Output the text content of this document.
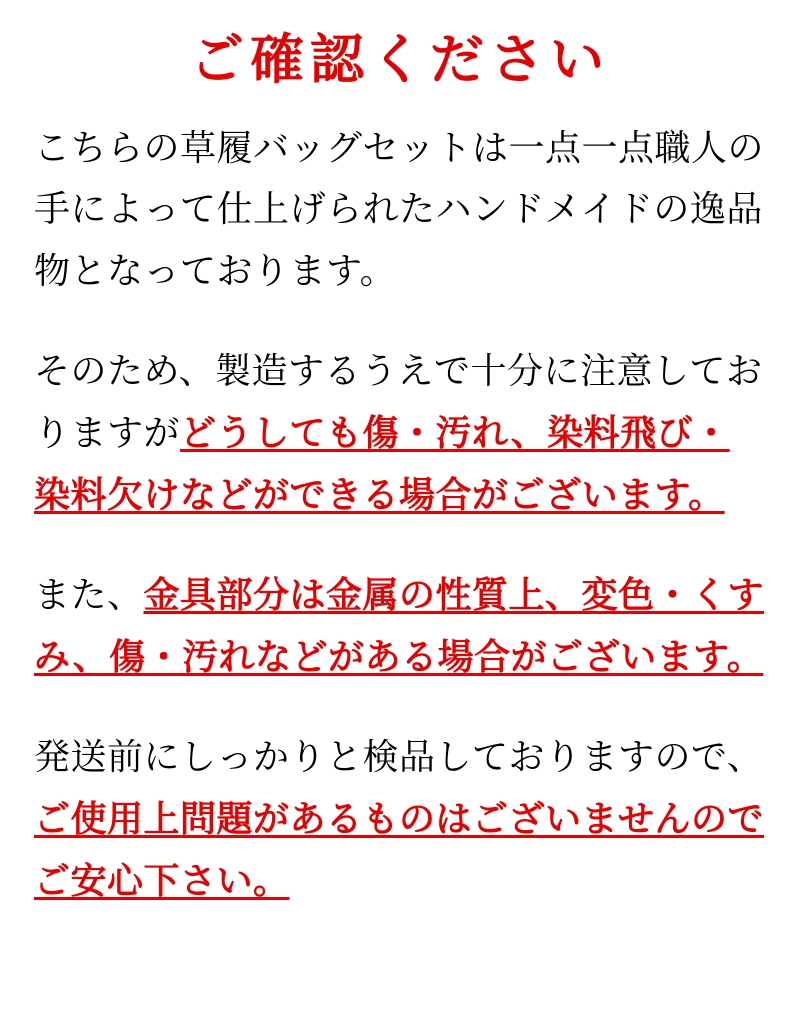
ご確認ください

こちらの草履バッグセットは一点一点職人の手によって仕上げられたハンドメイドの逸品物となっております。

そのため、製造するうえで十分に注意しておりますがどうしても傷・汚れ、染料飛び・染料欠けなどができる場合がございます。

また、金具部分は金属の性質上、変色・くすみ、傷・汚れなどがある場合がございます。

発送前にしっかりと検品しておりますので、ご使用上問題があるものはございませんのでご安心下さい。
